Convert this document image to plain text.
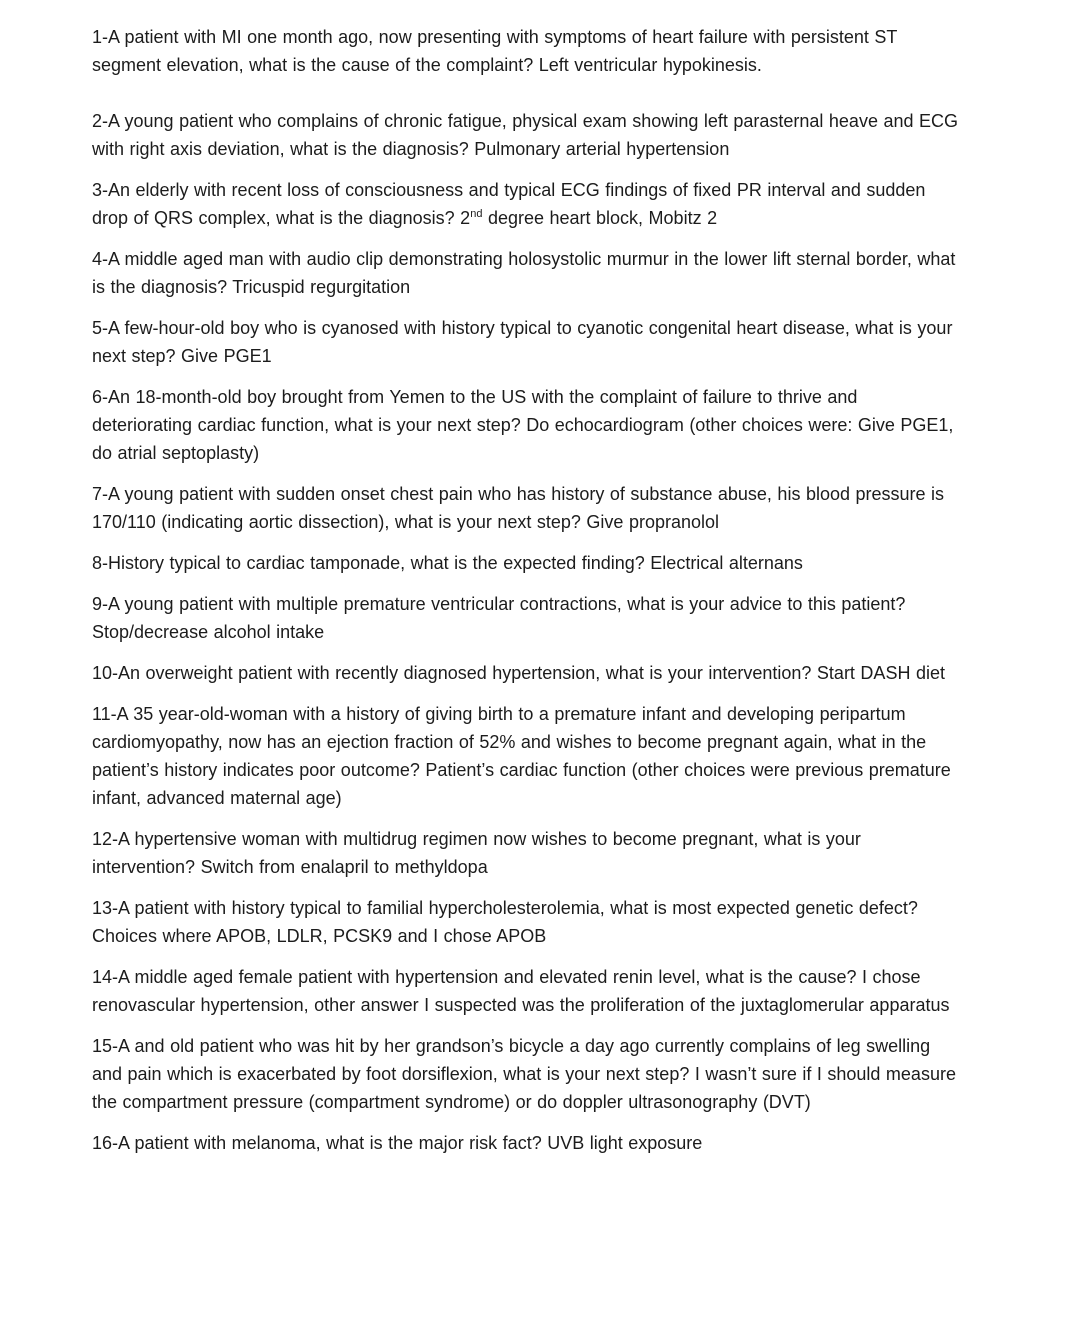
1-A patient with MI one month ago, now presenting with symptoms of heart failure with persistent ST segment elevation, what is the cause of the complaint? Left ventricular hypokinesis.

2-A young patient who complains of chronic fatigue, physical exam showing left parasternal heave and ECG with right axis deviation, what is the diagnosis? Pulmonary arterial hypertension

3-An elderly with recent loss of consciousness and typical ECG findings of fixed PR interval and sudden drop of QRS complex, what is the diagnosis? 2nd degree heart block, Mobitz 2

4-A middle aged man with audio clip demonstrating holosystolic murmur in the lower lift sternal border, what is the diagnosis? Tricuspid regurgitation

5-A few-hour-old boy who is cyanosed with history typical to cyanotic congenital heart disease, what is your next step? Give PGE1

6-An 18-month-old boy brought from Yemen to the US with the complaint of failure to thrive and deteriorating cardiac function, what is your next step? Do echocardiogram (other choices were: Give PGE1, do atrial septoplasty)

7-A young patient with sudden onset chest pain who has history of substance abuse, his blood pressure is 170/110 (indicating aortic dissection), what is your next step? Give propranolol

8-History typical to cardiac tamponade, what is the expected finding? Electrical alternans

9-A young patient with multiple premature ventricular contractions, what is your advice to this patient? Stop/decrease alcohol intake

10-An overweight patient with recently diagnosed hypertension, what is your intervention? Start DASH diet

11-A 35 year-old-woman with a history of giving birth to a premature infant and developing peripartum cardiomyopathy, now has an ejection fraction of 52% and wishes to become pregnant again, what in the patient’s history indicates poor outcome? Patient’s cardiac function (other choices were previous premature infant, advanced maternal age)

12-A hypertensive woman with multidrug regimen now wishes to become pregnant, what is your intervention? Switch from enalapril to methyldopa

13-A patient with history typical to familial hypercholesterolemia, what is most expected genetic defect? Choices where APOB, LDLR, PCSK9 and I chose APOB

14-A middle aged female patient with hypertension and elevated renin level, what is the cause? I chose renovascular hypertension, other answer I suspected was the proliferation of the juxtaglomerular apparatus

15-A and old patient who was hit by her grandson’s bicycle a day ago currently complains of leg swelling and pain which is exacerbated by foot dorsiflexion, what is your next step? I wasn’t sure if I should measure the compartment pressure (compartment syndrome) or do doppler ultrasonography (DVT)

16-A patient with melanoma, what is the major risk fact? UVB light exposure
